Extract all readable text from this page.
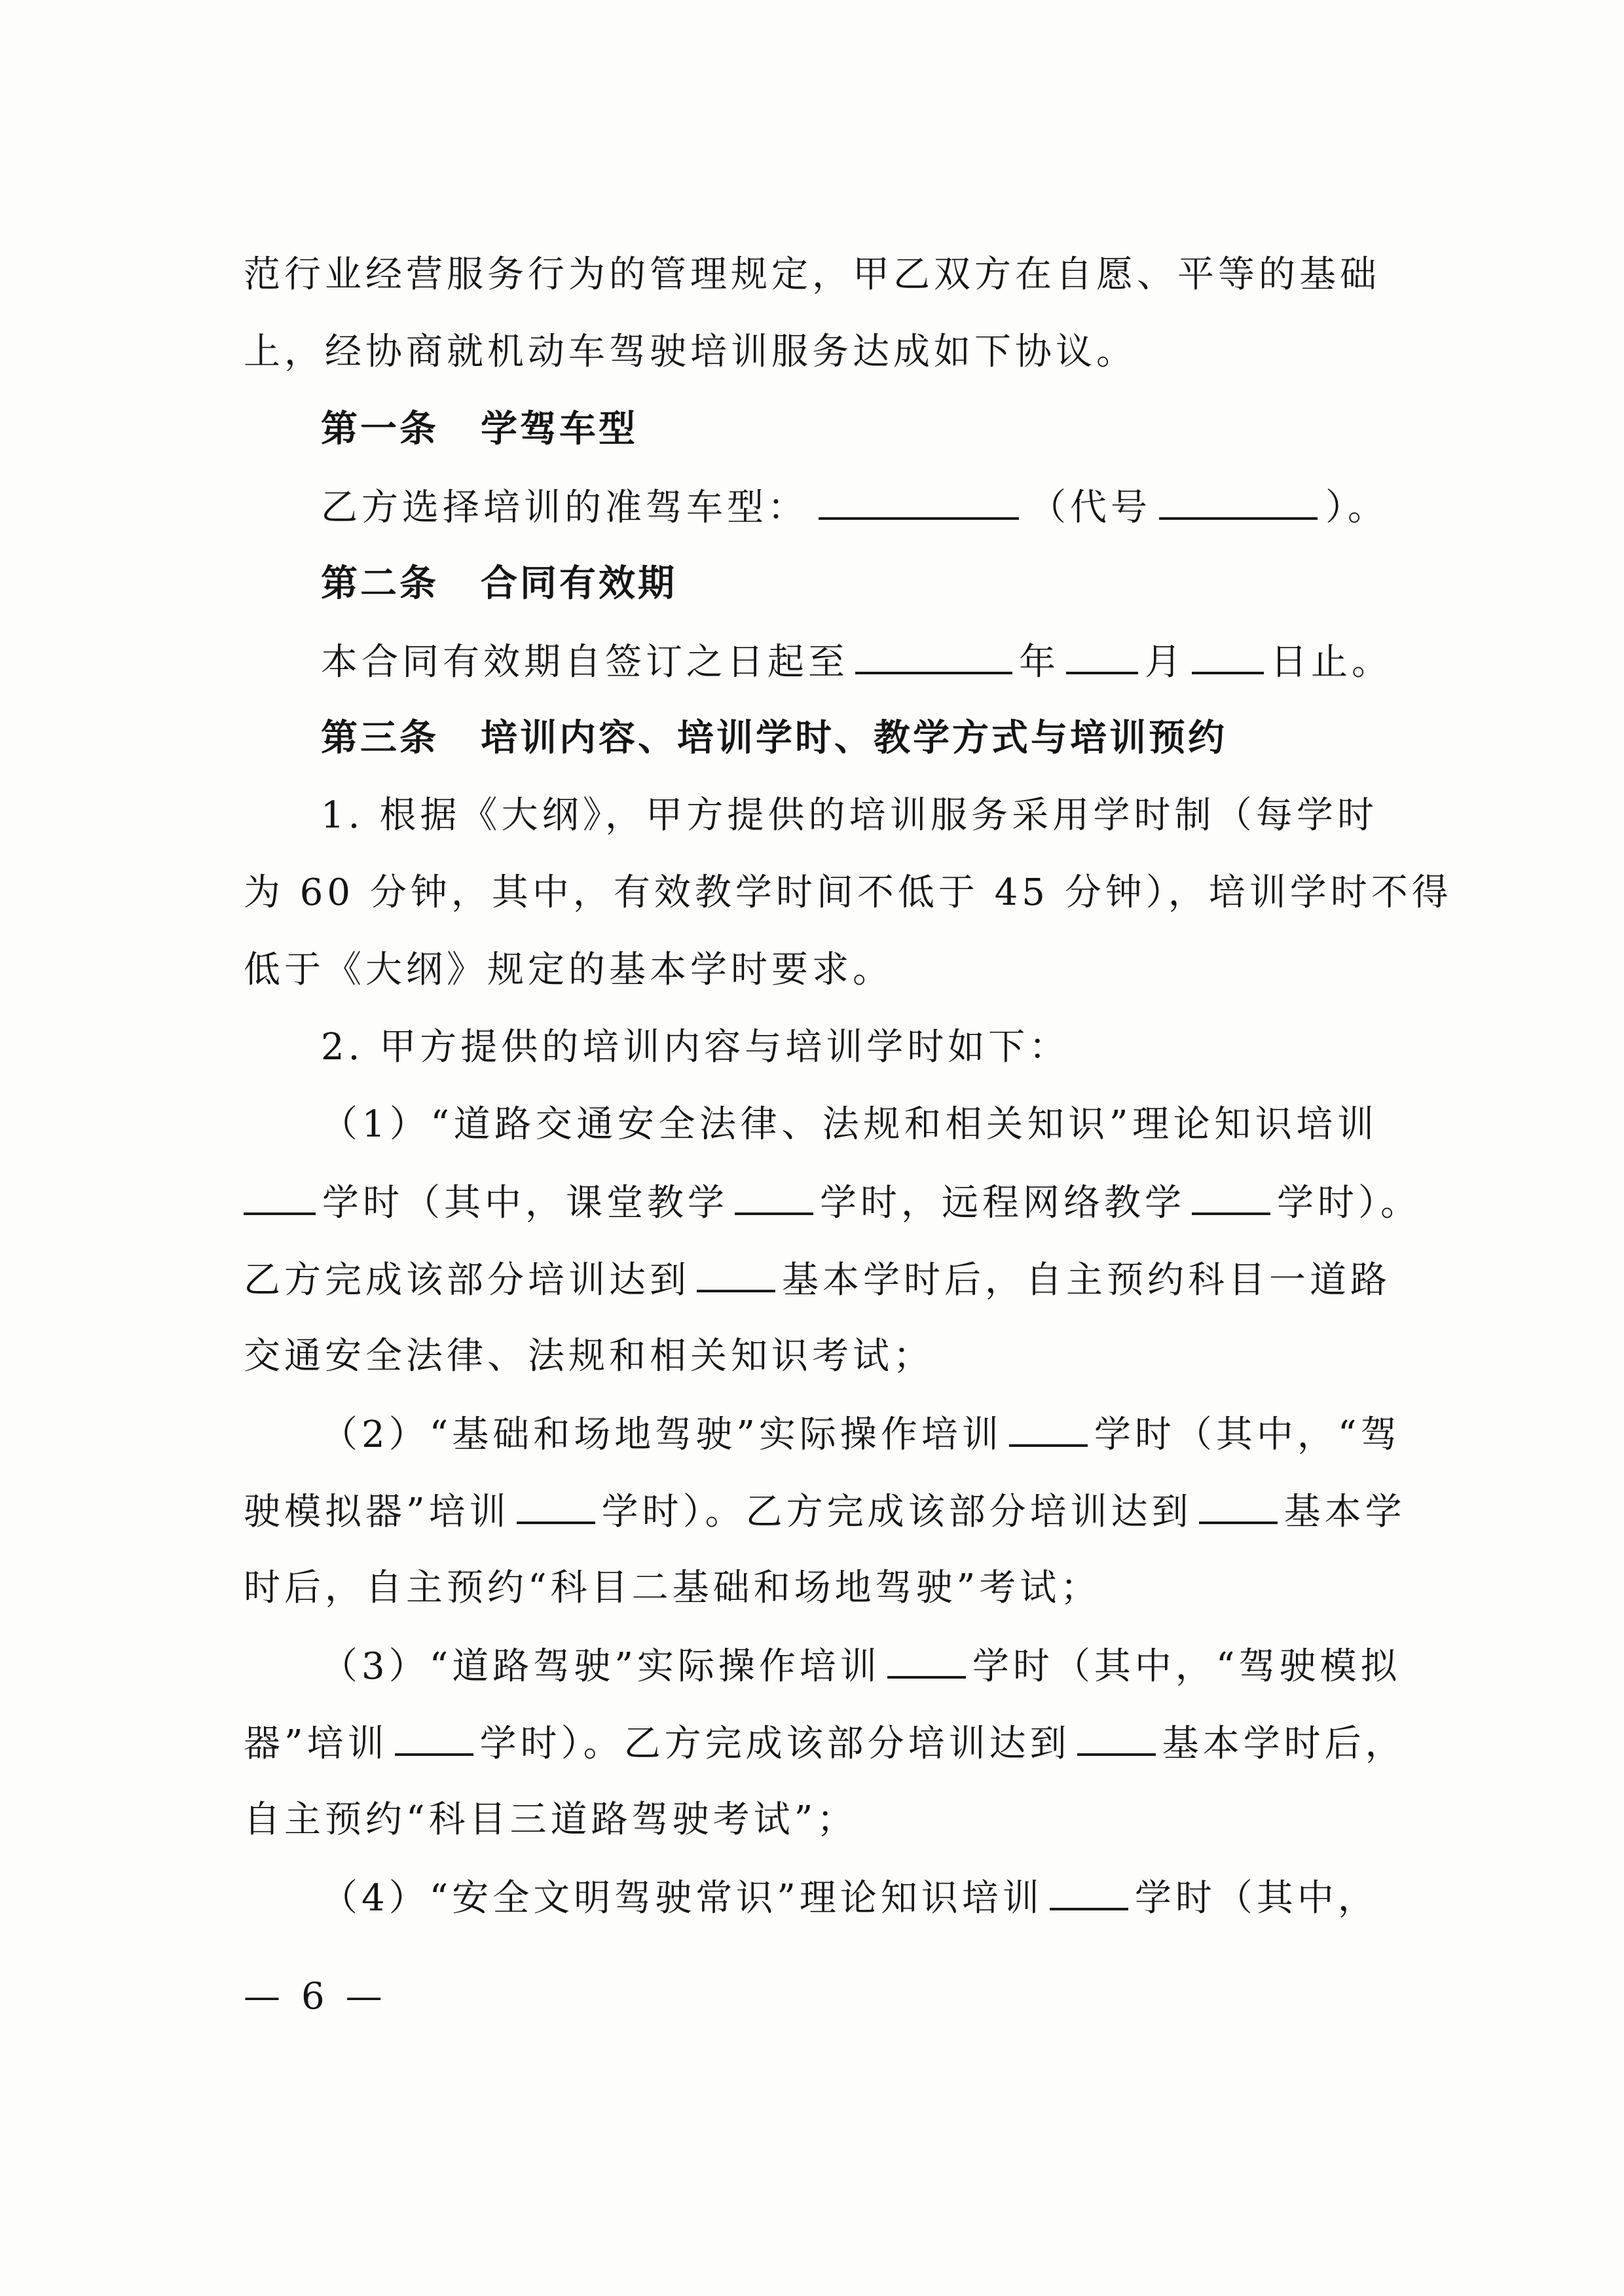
范行业经营服务行为的管理规定，甲乙双方在自愿、平等的基础

上，经协商就机动车驾驶培训服务达成如下协议。

第一条 学驾车型

乙方选择培训的准驾车型：	（代号	）。

第二条 合同有效期

本合同有效期自签订之日起至	年 月 日止。

第三条 培训内容、培训学时、教学方式与培训预约

1. 根据《大纲》，甲方提供的培训服务采用学时制（每学时

为 60 分钟，其中，有效教学时间不低于 45 分钟），培训学时不得

低于《大纲》规定的基本学时要求。

2. 甲方提供的培训内容与培训学时如下：

（1）“道路交通安全法律、法规和相关知识”理论知识培训

学时（其中，课堂教学	学时，远程网络教学	学时）。

乙方完成该部分培训达到	基本学时后，自主预约科目一道路

交通安全法律、法规和相关知识考试；

（2）“基础和场地驾驶”实际操作培训	学时（其中，“驾

驶模拟器”培训	学时）。乙方完成该部分培训达到	基本学

时后，自主预约“科目二基础和场地驾驶”考试；

（3）“道路驾驶”实际操作培训	学时（其中，“驾驶模拟

器”培训	学时）。乙方完成该部分培训达到	基本学时后，

自主预约“科目三道路驾驶考试”；

（4）“安全文明驾驶常识”理论知识培训	学时（其中，

— 6 —
